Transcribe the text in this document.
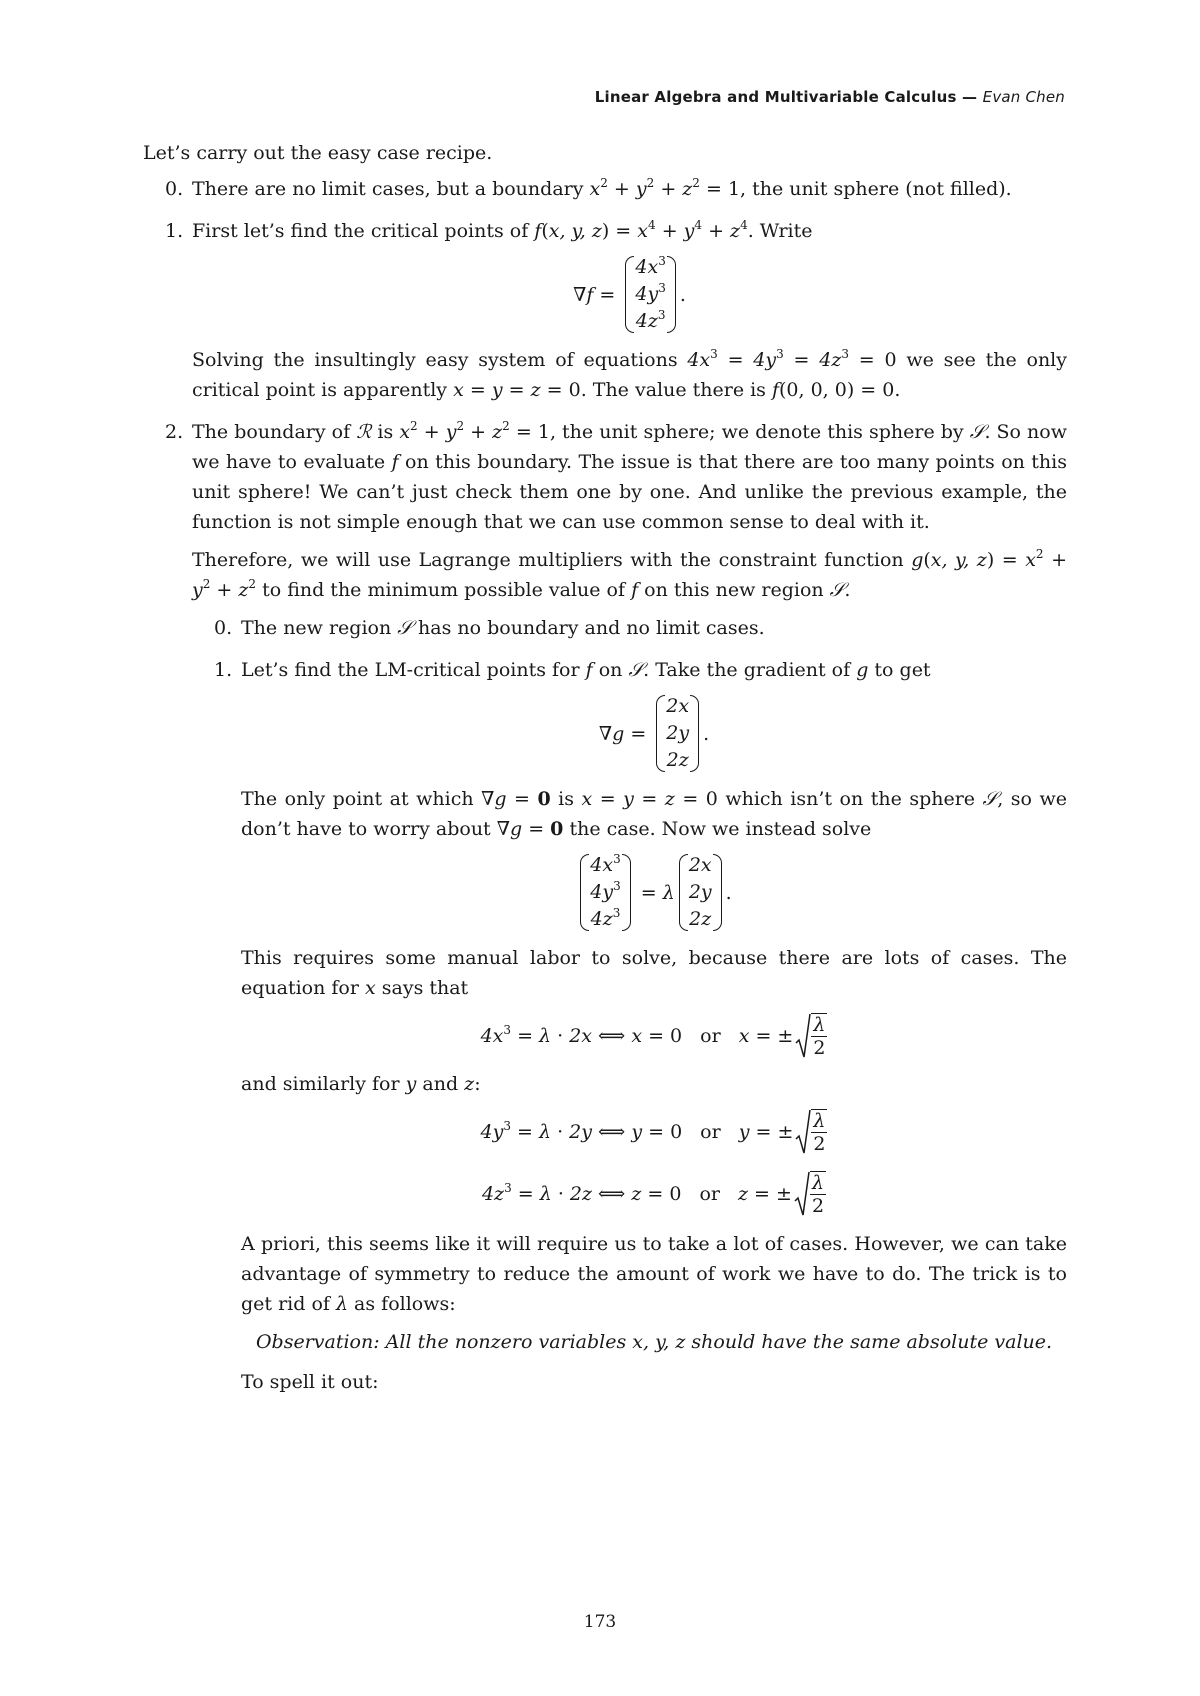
Linear Algebra and Multivariable Calculus — Evan Chen

Let’s carry out the easy case recipe.

0. There are no limit cases, but a boundary $x^2 + y^2 + z^2 = 1$, the unit sphere (not filled).

1. First let’s find the critical points of f(x, y, $z) = x^4 + y^4 + z^4$. Write

∇f =
$4x^3$
$4y^3$
$4z^3$
.

Solving the insultingly easy system of equations $4x^3 = 4y^3 = 4z^3 = 0$ we see the only critical point is apparently x = y = z = 0. The value there is f(0, 0, 0) = 0.

2. The boundary of ℛ is $x^2 + y^2 + z^2 = 1$, the unit sphere; we denote this sphere by 𝒮. So now we have to evaluate f on this boundary. The issue is that there are too many points on this unit sphere! We can’t just check them one by one. And unlike the previous example, the function is not simple enough that we can use common sense to deal with it.

Therefore, we will use Lagrange multipliers with the constraint function g(x, y, $z) = x^2 + y^2 + z^2$ to find the minimum possible value of f on this new region 𝒮.

0. The new region 𝒮 has no boundary and no limit cases.

1. Let’s find the LM-critical points for f on 𝒮. Take the gradient of g to get

∇g =
2x
2y
2z
.

The only point at which ∇g = 0 is x = y = z = 0 which isn’t on the sphere 𝒮, so we don’t have to worry about ∇g = 0 the case. Now we instead solve

$4x^3$
$4y^3$
$4z^3$
= λ
2x
2y
2z
.

This requires some manual labor to solve, because there are lots of cases. The equation for x says that

$4x^3 = \lambda \cdot 2x$ ⟺ x = 0 or x = ± $\frac{\lambda}{2}$

and similarly for y and z:

$4y^3 = \lambda \cdot 2y$ ⟺ y = 0 or y = ± $\frac{\lambda}{2}$
$4z^3 = \lambda \cdot 2z$ ⟺ z = 0 or z = ± $\frac{\lambda}{2}$

A priori, this seems like it will require us to take a lot of cases. However, we can take advantage of symmetry to reduce the amount of work we have to do. The trick is to get rid of λ as follows:

Observation: All the nonzero variables x, y, z should have the same absolute value.

To spell it out:

173
